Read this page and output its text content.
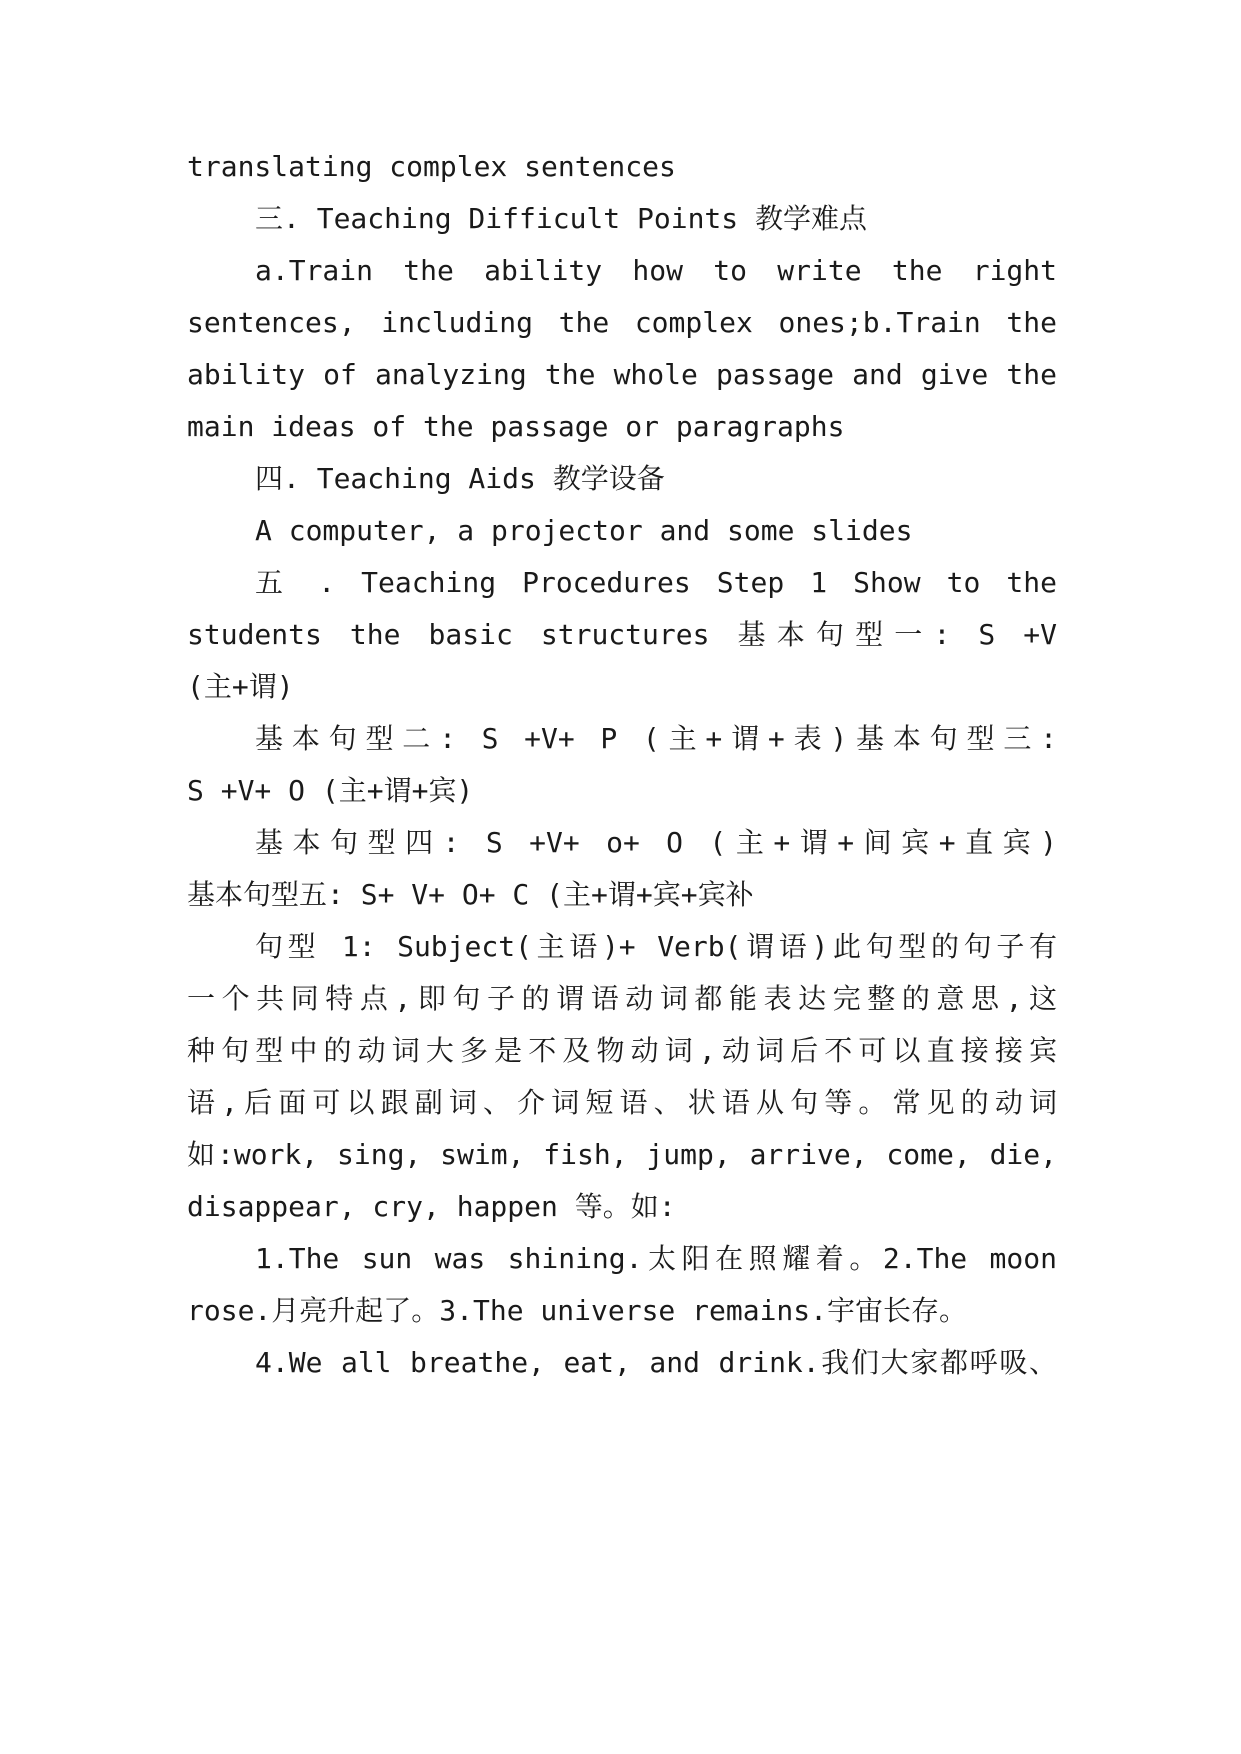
translating complex sentences
三. Teaching Difficult Points 教学难点
a.Train the ability how to write the right
sentences, including the complex ones;b.Train the
ability of analyzing the whole passage and give the
main ideas of the passage or paragraphs
四. Teaching Aids 教学设备
A computer, a projector and some slides
五 . Teaching Procedures Step 1 Show to the
students the basic structures 基本句型一: S +V
(主+谓)
基本句型二: S +V+ P (主+谓+表)基本句型三:
S +V+ O (主+谓+宾)
基本句型四: S +V+ o+ O (主+谓+间宾+直宾)
基本句型五: S+ V+ O+ C (主+谓+宾+宾补
句型 1: Subject(主语)+ Verb(谓语)此句型的句子有
一个共同特点,即句子的谓语动词都能表达完整的意思,这
种句型中的动词大多是不及物动词,动词后不可以直接接宾
语,后面可以跟副词、介词短语、状语从句等。常见的动词
如:work, sing, swim, fish, jump, arrive, come, die,
disappear, cry, happen 等。如:
1.The sun was shining.太阳在照耀着。2.The moon
rose.月亮升起了。3.The universe remains.宇宙长存。
4.We all breathe, eat, and drink.我们大家都呼吸、
